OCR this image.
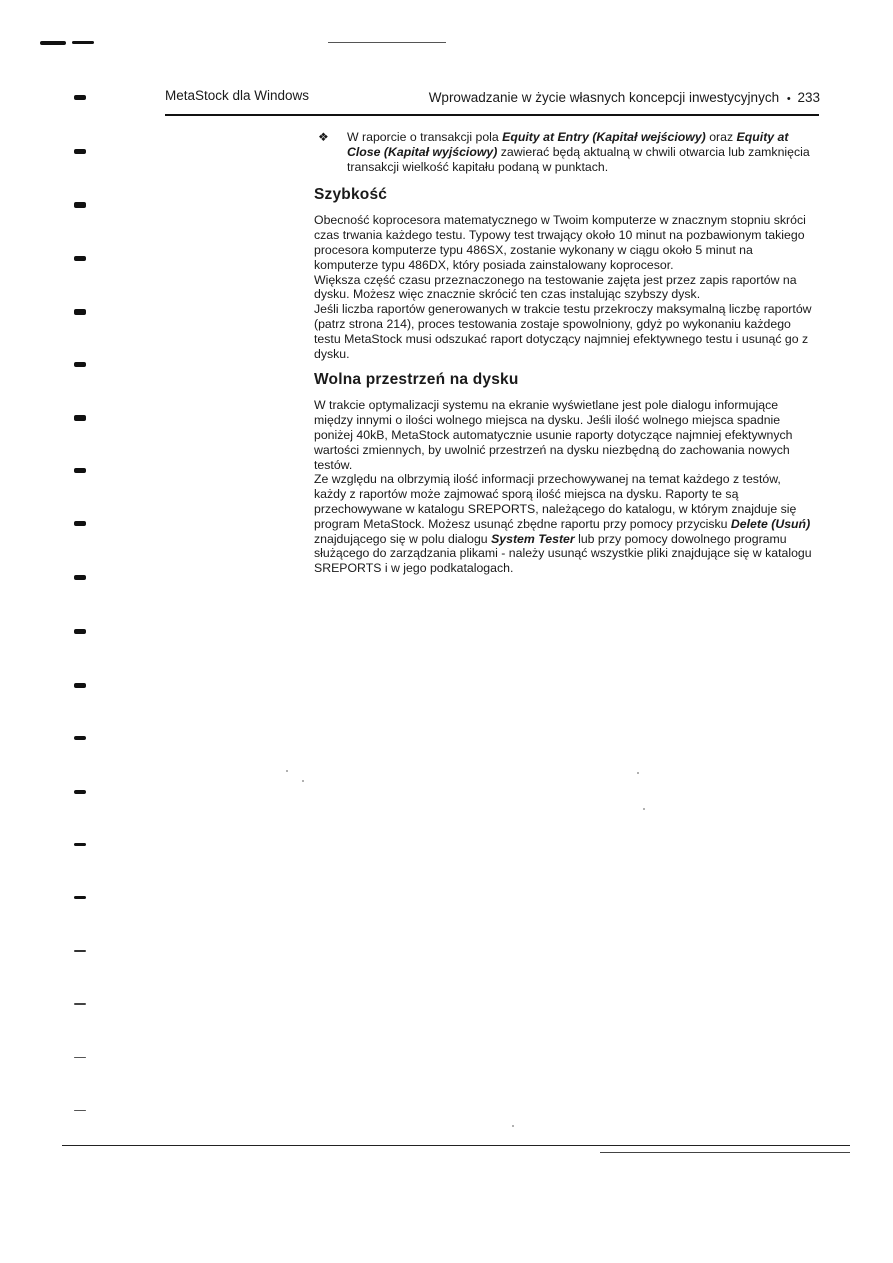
MetaStock dla Windows	Wprowadzanie w życie własnych koncepcji inwestycyjnych • 233
❖ W raporcie o transakcji pola Equity at Entry (Kapitał wejściowy) oraz Equity at Close (Kapitał wyjściowy) zawierać będą aktualną w chwili otwarcia lub zamknięcia transakcji wielkość kapitału podaną w punktach.
Szybkość

Obecność koprocesora matematycznego w Twoim komputerze w znacznym stopniu skróci czas trwania każdego testu. Typowy test trwający około 10 minut na pozbawionym takiego procesora komputerze typu 486SX, zostanie wykonany w ciągu około 5 minut na komputerze typu 486DX, który posiada zainstalowany koprocesor.

Większa część czasu przeznaczonego na testowanie zajęta jest przez zapis raportów na dysku. Możesz więc znacznie skrócić ten czas instalując szybszy dysk.

Jeśli liczba raportów generowanych w trakcie testu przekroczy maksymalną liczbę raportów (patrz strona 214), proces testowania zostaje spowolniony, gdyż po wykonaniu każdego testu MetaStock musi odszukać raport dotyczący najmniej efektywnego testu i usunąć go z dysku.

Wolna przestrzeń na dysku

W trakcie optymalizacji systemu na ekranie wyświetlane jest pole dialogu informujące między innymi o ilości wolnego miejsca na dysku. Jeśli ilość wolnego miejsca spadnie poniżej 40kB, MetaStock automatycznie usunie raporty dotyczące najmniej efektywnych wartości zmiennych, by uwolnić przestrzeń na dysku niezbędną do zachowania nowych testów.

Ze względu na olbrzymią ilość informacji przechowywanej na temat każdego z testów, każdy z raportów może zajmować sporą ilość miejsca na dysku. Raporty te są przechowywane w katalogu SREPORTS, należącego do katalogu, w którym znajduje się program MetaStock. Możesz usunąć zbędne raportu przy pomocy przycisku Delete (Usuń) znajdującego się w polu dialogu System Tester lub przy pomocy dowolnego programu służącego do zarządzania plikami - należy usunąć wszystkie pliki znajdujące się w katalogu SREPORTS i w jego podkatalogach.
